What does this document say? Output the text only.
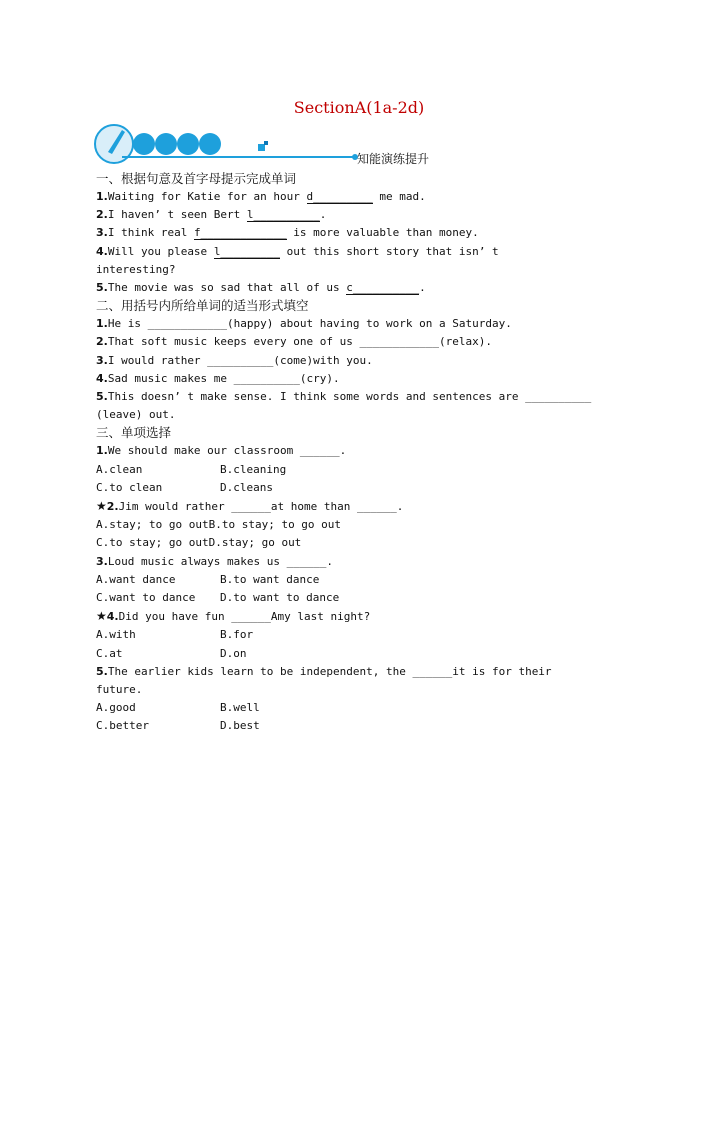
SectionA(1a-2d)
知能演练提升
一、根据句意及首字母提示完成单词
1.Waiting for Katie for an hour d_________ me mad.
2.I haven’ t seen Bert l__________.
3.I think real f_____________ is more valuable than money.
4.Will you please l_________ out this short story that isn’ t
interesting?
5.The movie was so sad that all of us c__________.
二、用括号内所给单词的适当形式填空
1.He is ____________(happy) about having to work on a Saturday.
2.That soft music keeps every one of us ____________(relax).
3.I would rather __________(come)with you.
4.Sad music makes me __________(cry).
5.This doesn’ t make sense. I think some words and sentences are __________
(leave) out.
三、单项选择
1.We should make our classroom ______.
A.clean	B.cleaning
C.to clean	D.cleans
★2.Jim would rather ______at home than ______.
A.stay; to go outB.to stay; to go out
C.to stay; go outD.stay; go out
3.Loud music always makes us ______.
A.want dance	B.to want dance
C.want to dance	D.to want to dance
★4.Did you have fun ______Amy last night?
A.with	B.for
C.at	D.on
5.The earlier kids learn to be independent, the ______it is for their
future.
A.good	B.well
C.better	D.best
